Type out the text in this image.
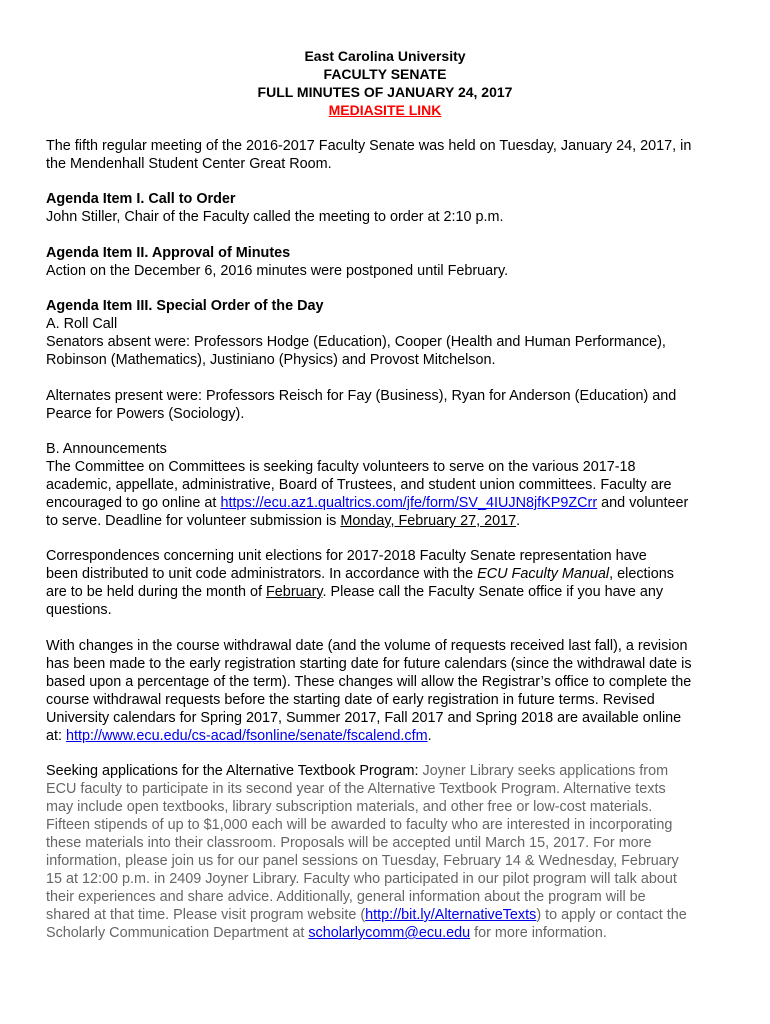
East Carolina University
FACULTY SENATE
FULL MINUTES OF JANUARY 24, 2017
MEDIASITE LINK
The fifth regular meeting of the 2016-2017 Faculty Senate was held on Tuesday, January 24, 2017, in
the Mendenhall Student Center Great Room.
Agenda Item I. Call to Order
John Stiller, Chair of the Faculty called the meeting to order at 2:10 p.m.
Agenda Item II. Approval of Minutes
Action on the December 6, 2016 minutes were postponed until February.
Agenda Item III. Special Order of the Day
A. Roll Call
Senators absent were: Professors Hodge (Education), Cooper (Health and Human Performance),
Robinson (Mathematics), Justiniano (Physics) and Provost Mitchelson.
Alternates present were: Professors Reisch for Fay (Business), Ryan for Anderson (Education) and
Pearce for Powers (Sociology).
B. Announcements
The Committee on Committees is seeking faculty volunteers to serve on the various 2017-18
academic, appellate, administrative, Board of Trustees, and student union committees. Faculty are
encouraged to go online at https://ecu.az1.qualtrics.com/jfe/form/SV_4IUJN8jfKP9ZCrr and volunteer
to serve. Deadline for volunteer submission is Monday, February 27, 2017.
Correspondences concerning unit elections for 2017-2018 Faculty Senate representation have
been distributed to unit code administrators. In accordance with the ECU Faculty Manual, elections
are to be held during the month of February. Please call the Faculty Senate office if you have any
questions.
With changes in the course withdrawal date (and the volume of requests received last fall), a revision
has been made to the early registration starting date for future calendars (since the withdrawal date is
based upon a percentage of the term). These changes will allow the Registrar’s office to complete the
course withdrawal requests before the starting date of early registration in future terms. Revised
University calendars for Spring 2017, Summer 2017, Fall 2017 and Spring 2018 are available online
at: http://www.ecu.edu/cs-acad/fsonline/senate/fscalend.cfm.
Seeking applications for the Alternative Textbook Program: Joyner Library seeks applications from
ECU faculty to participate in its second year of the Alternative Textbook Program. Alternative texts
may include open textbooks, library subscription materials, and other free or low-cost materials.
Fifteen stipends of up to $1,000 each will be awarded to faculty who are interested in incorporating
these materials into their classroom. Proposals will be accepted until March 15, 2017. For more
information, please join us for our panel sessions on Tuesday, February 14 & Wednesday, February
15 at 12:00 p.m. in 2409 Joyner Library. Faculty who participated in our pilot program will talk about
their experiences and share advice. Additionally, general information about the program will be
shared at that time. Please visit program website (http://bit.ly/AlternativeTexts) to apply or contact the
Scholarly Communication Department at scholarlycomm@ecu.edu for more information.
